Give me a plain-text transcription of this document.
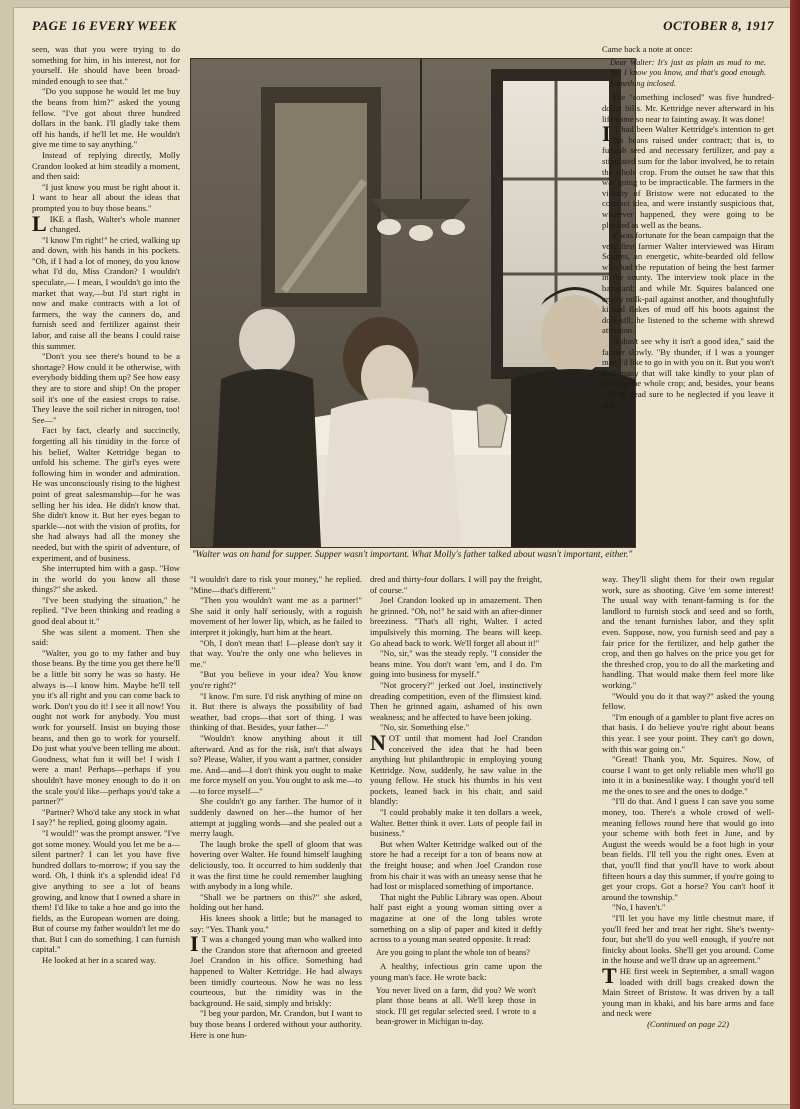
PAGE 16 EVERY WEEK	OCTOBER 8, 1917

seen, was that you were trying to do something for him, in his interest, not for yourself. He should have been broad-minded enough to see that."

"Do you suppose he would let me buy the beans from him?" asked the young fellow. "I've got about three hundred dollars in the bank. I'll gladly take them off his hands, if he'll let me. He wouldn't give me time to say anything."

Instead of replying directly, Molly Crandon looked at him steadily a moment, and then said:

"I just know you must be right about it. I want to hear all about the ideas that prompted you to buy those beans."

LIKE a flash, Walter's whole manner changed.

"I know I'm right!" he cried, walking up and down, with his hands in his pockets. "Oh, if I had a lot of money, do you know what I'd do, Miss Crandon? I wouldn't speculate,— I mean, I wouldn't go into the market that way,—but I'd start right in now and make contracts with a lot of farmers, the way the canners do, and furnish seed and fertilizer against their labor, and raise all the beans I could raise this summer.

"Don't you see there's bound to be a shortage? How could it be otherwise, with everybody bidding them up? See how easy they are to store and ship! On the proper soil it's one of the easiest crops to raise. They leave the soil richer in nitrogen, too! See—"

Fact by fact, clearly and succinctly, forgetting all his timidity in the force of his belief, Walter Kettridge began to unfold his scheme. The girl's eyes were following him in wonder and admiration. He was unconsciously rising to the highest point of great salesmanship—for he was selling her his idea. He didn't know that. She didn't know it. But her eyes began to sparkle—not with the vision of profits, for she had always had all the money she needed, but with the spirit of adventure, of experiment, and of business.

She interrupted him with a gasp. "How in the world do you know all those things?" she asked.

"I've been studying the situation," he replied. "I've been thinking and reading a good deal about it."

She was silent a moment. Then she said:

"Walter, you go to my father and buy those beans. By the time you get there he'll be a little bit sorry he was so hasty. He always is—I know him. Maybe he'll tell you it's all right and you can come back to work. Don't you do it! I see it all now! You ought not work for anybody. You must work for yourself. Insist on buying those beans, and then go to work for yourself. Do just what you've been telling me about. Goodness, what fun it will be! I wish I were a man! Perhaps—perhaps if you shouldn't have money enough to do it on the scale you'd like—perhaps you'd take a partner?"

"Partner? Who'd take any stock in what I say?" he replied, going gloomy again.

"I would!" was the prompt answer. "I've got some money. Would you let me be a—silent partner? I can let you have five hundred dollars to-morrow; if you say the word. Oh, I think it's a splendid idea! I'd give anything to see a lot of beans growing, and know that I owned a share in them! I'd like to take a hoe and go into the fields, as the European women are doing. But of course my father wouldn't let me do that. But I can do something. I can furnish capital."

He looked at her in a scared way.

"Walter was on hand for supper. Supper wasn't important. What Molly's father talked about wasn't important, either."

"I wouldn't dare to risk your money," he replied. "Mine—that's different."

"Then you wouldn't want me as a partner!" She said it only half seriously, with a roguish movement of her lower lip, which, as he failed to interpret it jokingly, hurt him at the heart.

"Oh, I don't mean that! I—please don't say it that way. You're the only one who believes in me."

"But you believe in your idea? You know you're right?"

"I know. I'm sure. I'd risk anything of mine on it. But there is always the possibility of bad weather, bad crops—that sort of thing. I was thinking of that. Besides, your father—"

"Wouldn't know anything about it till afterward. And as for the risk, isn't that always so? Please, Walter, if you want a partner, consider me. And—and—I don't think you ought to make me force myself on you. You ought to ask me—to—to force myself—"

She couldn't go any farther. The humor of it suddenly dawned on her—the humor of her attempt at juggling words—and she pealed out a merry laugh.

The laugh broke the spell of gloom that was hovering over Walter. He found himself laughing deliciously, too. It occurred to him suddenly that it was the first time he could remember laughing with anybody in a long while.

"Shall we be partners on this?" she asked, holding out her hand.

His knees shook a little; but he managed to say: "Yes. Thank you."

IT was a changed young man who walked into the Crandon store that afternoon and greeted Joel Crandon in his office. Something had happened to Walter Kettridge. He had always been timidly courteous. Now he was no less courteous, but the timidity was in the background. He said, simply and briskly:

"I beg your pardon, Mr. Crandon, but I want to buy those beans I ordered without your authority. Here is one hun-

dred and thirty-four dollars. I will pay the freight, of course."

Joel Crandon looked up in amazement. Then he grinned. "Oh, no!" he said with an after-dinner breeziness. "That's all right, Walter. I acted impulsively this morning. The beans will keep. Go ahead back to work. We'll forget all about it!"

"No, sir," was the steady reply. "I consider the beans mine. You don't want 'em, and I do. I'm going into business for myself."

"Not grocery?" jerked out Joel, instinctively dreading competition, even of the flimsiest kind. Then he grinned again, ashamed of his own weakness; and he affected to have been joking.

"No, sir. Something else."

NOT until that moment had Joel Crandon conceived the idea that he had been anything but philanthropic in employing young Kettridge. Now, suddenly, he saw value in the young fellow. He stuck his thumbs in his vest pockets, leaned back in his chair, and said blandly:

"I could probably make it ten dollars a week, Walter. Better think it over. Lots of people fail in business."

But when Walter Kettridge walked out of the store he had a receipt for a ton of beans now at the freight house; and when Joel Crandon rose from his chair it was with an uneasy sense that he had lost or misplaced something of importance.

That night the Public Library was open. About half past eight a young woman sitting over a magazine at one of the long tables wrote something on a slip of paper and kited it deftly across to a young man seated opposite. It read:

Are you going to plant the whole ton of beans?

A healthy, infectious grin came upon the young man's face. He wrote back:

You never lived on a farm, did you? We won't plant those beans at all. We'll keep those in stock. I'll get regular selected seed. I wrote to a bean-grower in Michigan to-day.

Came back a note at once:

Dear Walter: It's just as plain as mud to me. But I know you know, and that's good enough. Something inclosed.

The "something inclosed" was five hundred-dollar bills. Mr. Kettridge never afterward in his life came so near to fainting away. It was done!

IT had been Walter Kettridge's intention to get his beans raised under contract; that is, to furnish seed and necessary fertilizer, and pay a stipulated sum for the labor involved, he to retain the whole crop. From the outset he saw that this was going to be impracticable. The farmers in the vicinity of Bristow were not educated to the contract idea, and were instantly suspicious that, whatever happened, they were going to be plucked as well as the beans.

It was fortunate for the bean campaign that the very first farmer Walter interviewed was Hiram Squires, an energetic, white-bearded old fellow who had the reputation of being the best farmer in the county. The interview took place in the barnyard; and while Mr. Squires balanced one empty milk-pail against another, and thoughtfully kicked flakes of mud off his boots against the door-sill, he listened to the scheme with shrewd attention.

"I don't see why it isn't a good idea," said the farmer slowly. "By thunder, if I was a younger man I'd like to go in with you on it. But you won't find many that will take kindly to your plan of owning the whole crop; and, besides, your beans will be dead sure to be neglected if you leave it that

way. They'll slight them for their own regular work, sure as shooting. Give 'em some interest! The usual way with tenant-farming is for the landlord to furnish stock and seed and so forth, and the tenant furnishes labor, and they split even. Suppose, now, you furnish seed and pay a fair price for the fertilizer, and help gather the crop, and then go halves on the price you get for the threshed crop, you to do all the marketing and handling. That would make them feel more like working."

"Would you do it that way?" asked the young fellow.

"I'm enough of a gambler to plant five acres on that basis. I do believe you're right about beans this year. I see your point. They can't go down, with this war going on."

"Great! Thank you, Mr. Squires. Now, of course I want to get only reliable men who'll go into it in a businesslike way. I thought you'd tell me the ones to see and the ones to dodge."

"I'll do that. And I guess I can save you some money, too. There's a whole crowd of well-meaning fellows round here that would go into your scheme with both feet in June, and by August the weeds would be a foot high in your bean fields. I'll tell you the right ones. Even at that, you'll find that you'll have to work about fifteen hours a day this summer, if you're going to get your crops. Got a horse? You can't hoof it around the township."

"No, I haven't."

"I'll let you have my little chestnut mare, if you'll feed her and treat her right. She's twenty-four, but she'll do you well enough, if you're not finicky about looks. She'll get you around. Come in the house and we'll draw up an agreement."

THE first week in September, a small wagon loaded with drill bags creaked down the Main Street of Bristow. It was driven by a tall young man in khaki, and his bare arms and face and neck were

(Continued on page 22)
